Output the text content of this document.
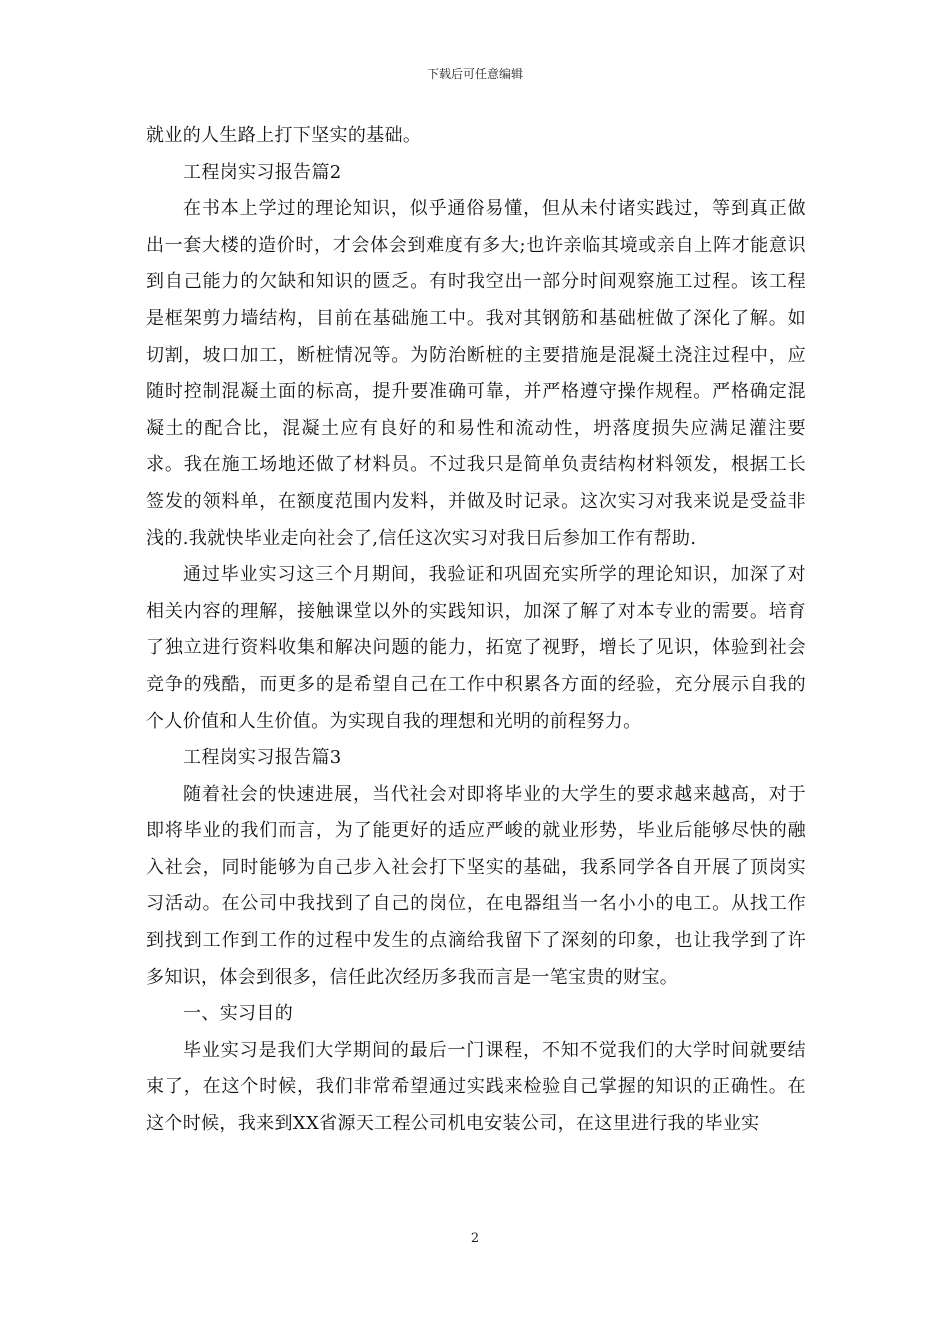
下载后可任意编辑

就业的人生路上打下坚实的基础。

工程岗实习报告篇2

在书本上学过的理论知识，似乎通俗易懂，但从未付诸实践过，等到真正做出一套大楼的造价时，才会体会到难度有多大;也许亲临其境或亲自上阵才能意识到自己能力的欠缺和知识的匮乏。有时我空出一部分时间观察施工过程。该工程是框架剪力墙结构，目前在基础施工中。我对其钢筋和基础桩做了深化了解。如切割，坡口加工，断桩情况等。为防治断桩的主要措施是混凝土浇注过程中，应随时控制混凝土面的标高，提升要准确可靠，并严格遵守操作规程。严格确定混凝土的配合比，混凝土应有良好的和易性和流动性，坍落度损失应满足灌注要求。我在施工场地还做了材料员。不过我只是简单负责结构材料领发，根据工长签发的领料单，在额度范围内发料，并做及时记录。这次实习对我来说是受益非浅的.我就快毕业走向社会了,信任这次实习对我日后参加工作有帮助.

通过毕业实习这三个月期间，我验证和巩固充实所学的理论知识，加深了对相关内容的理解，接触课堂以外的实践知识，加深了解了对本专业的需要。培育了独立进行资料收集和解决问题的能力，拓宽了视野，增长了见识，体验到社会竞争的残酷，而更多的是希望自己在工作中积累各方面的经验，充分展示自我的个人价值和人生价值。为实现自我的理想和光明的前程努力。

工程岗实习报告篇3

随着社会的快速进展，当代社会对即将毕业的大学生的要求越来越高，对于即将毕业的我们而言，为了能更好的适应严峻的就业形势，毕业后能够尽快的融入社会，同时能够为自己步入社会打下坚实的基础，我系同学各自开展了顶岗实习活动。在公司中我找到了自己的岗位，在电器组当一名小小的电工。从找工作到找到工作到工作的过程中发生的点滴给我留下了深刻的印象，也让我学到了许多知识，体会到很多，信任此次经历多我而言是一笔宝贵的财宝。

一、实习目的

毕业实习是我们大学期间的最后一门课程，不知不觉我们的大学时间就要结束了，在这个时候，我们非常希望通过实践来检验自己掌握的知识的正确性。在这个时候，我来到XX省源天工程公司机电安装公司，在这里进行我的毕业实

2
